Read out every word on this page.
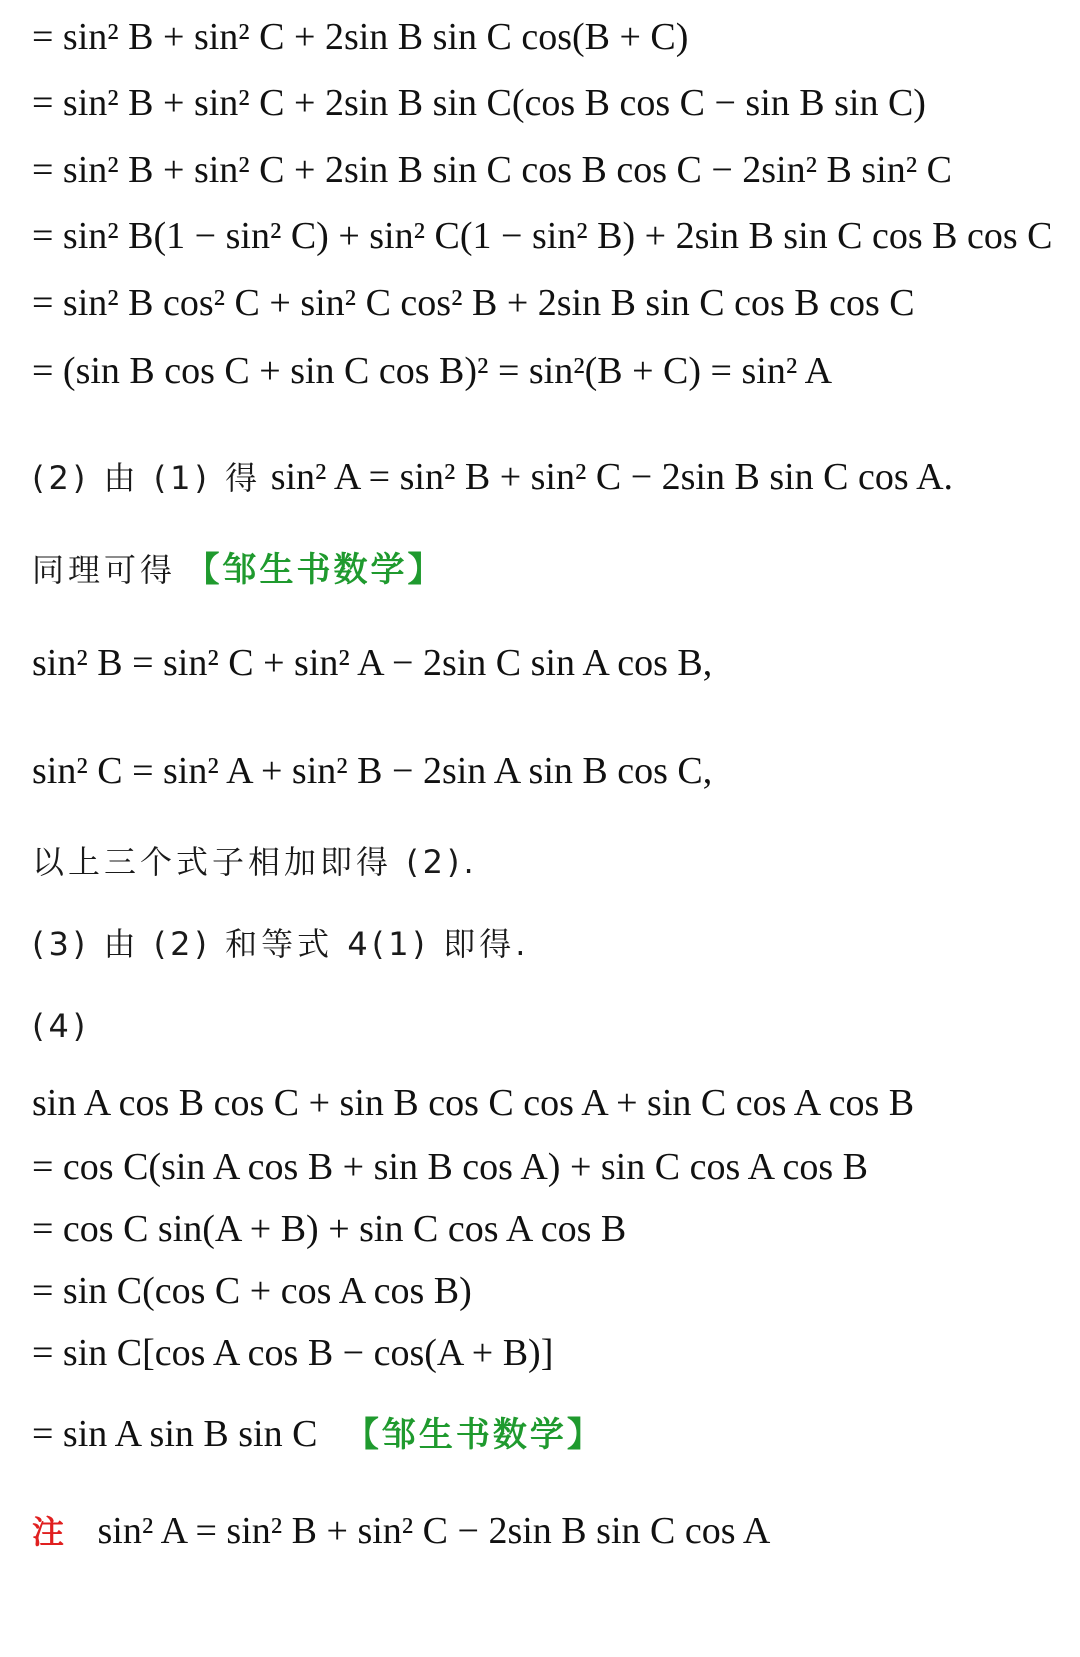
= sin² B + sin² C + 2sin B sin C cos(B + C)
= sin² B + sin² C + 2sin B sin C(cos B cos C − sin B sin C)
= sin² B + sin² C + 2sin B sin C cos B cos C − 2sin² B sin² C
= sin² B(1 − sin² C) + sin² C(1 − sin² B) + 2sin B sin C cos B cos C
= sin² B cos² C + sin² C cos² B + 2sin B sin C cos B cos C
= (sin B cos C + sin C cos B)² = sin²(B + C) = sin² A
(2) 由 (1) 得 sin² A = sin² B + sin² C − 2sin B sin C cos A.
同理可得 【邹生书数学】
sin² B = sin² C + sin² A − 2sin C sin A cos B,
sin² C = sin² A + sin² B − 2sin A sin B cos C,
以上三个式子相加即得 (2).
(3) 由 (2) 和等式 4(1) 即得.
(4)
sin A cos B cos C + sin B cos C cos A + sin C cos A cos B
= cos C(sin A cos B + sin B cos A) + sin C cos A cos B
= cos C sin(A + B) + sin C cos A cos B
= sin C(cos C + cos A cos B)
= sin C[cos A cos B − cos(A + B)]
= sin A sin B sin C 【邹生书数学】
注 sin² A = sin² B + sin² C − 2sin B sin C cos A
